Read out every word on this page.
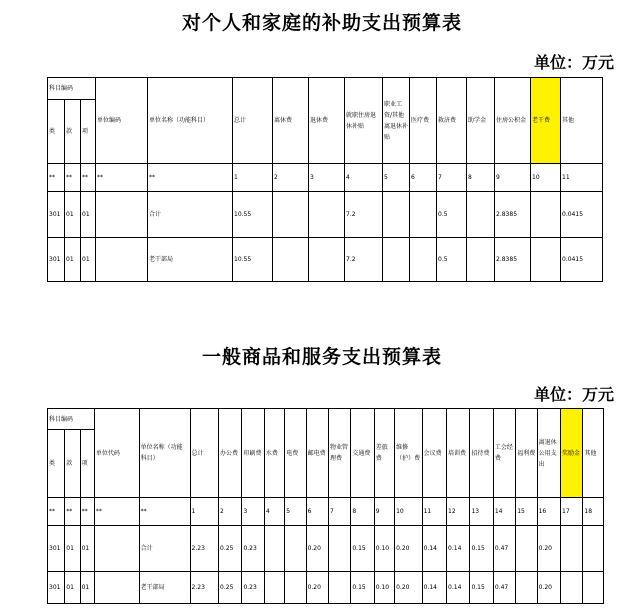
对个人和家庭的补助支出预算表
单位：万元
科目编码			单位编码	单位名称（功能科目）	总计	离休费	退休费	就职住房退休补贴	职业工资/其他离退休补贴	医疗费	救济费	助学金	住房公积金	老干费	其他
类	款	项													
**	**	**	**	**	1	2	3	4	5	6	7	8	9	10	11
301	01	01		合计	10.55			7.2			0.5		2.8385		0.0415
301	01	01		老干部局	10.55			7.2			0.5		2.8385		0.0415
一般商品和服务支出预算表
单位：万元
科目编码			单位代码	单位名称（功能科目）	总计	办公费	印刷费	水费	电费	邮电费	物业管理费	交通费	差旅费	维修（护）费	会议费	培训费	招待费	工会经费	福利费	离退休公用支出	奖励金	其他
类	款	项																				
**	**	**	**	**	1	2	3	4	5	6	7	8	9	10	11	12	13	14	15	16	17	18
301	01	01		合计	2.23	0.25	0.23			0.20		0.15	0.10	0.20	0.14	0.14	0.15	0.47		0.20		
301	01	01		老干部局	2.23	0.25	0.23			0.20		0.15	0.10	0.20	0.14	0.14	0.15	0.47		0.20		
